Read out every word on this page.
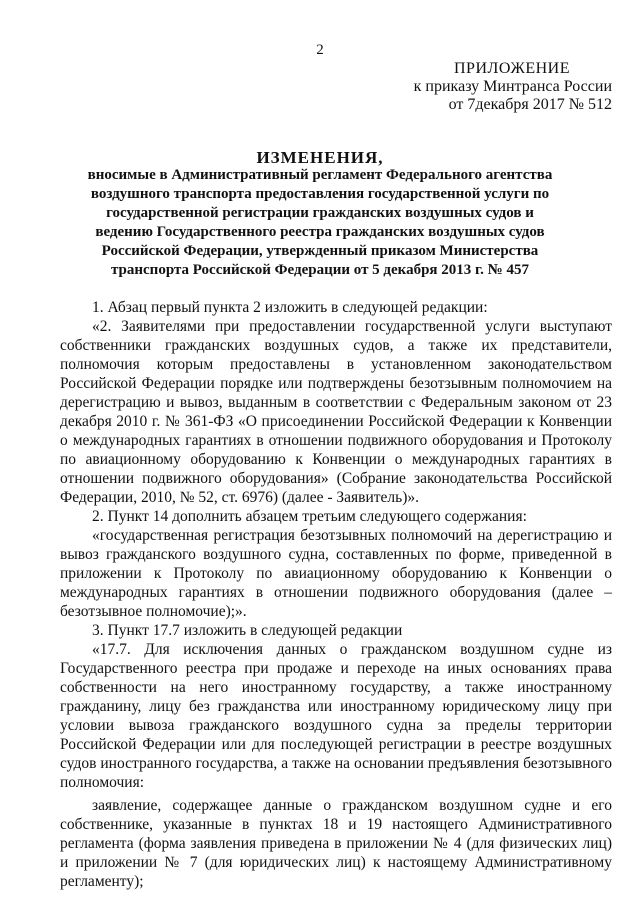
2
ПРИЛОЖЕНИЕ
к приказу Минтранса России
от 7декабря 2017 № 512
ИЗМЕНЕНИЯ,
вносимые в Административный регламент Федерального агентства воздушного транспорта предоставления государственной услуги по государственной регистрации гражданских воздушных судов и ведению Государственного реестра гражданских воздушных судов Российской Федерации, утвержденный приказом Министерства транспорта Российской Федерации от 5 декабря 2013 г. № 457

1. Абзац первый пункта 2 изложить в следующей редакции:

«2. Заявителями при предоставлении государственной услуги выступают собственники гражданских воздушных судов, а также их представители, полномочия которым предоставлены в установленном законодательством Российской Федерации порядке или подтверждены безотзывным полномочием на дерегистрацию и вывоз, выданным в соответствии с Федеральным законом от 23 декабря 2010 г. № 361-ФЗ «О присоединении Российской Федерации к Конвенции о международных гарантиях в отношении подвижного оборудования и Протоколу по авиационному оборудованию к Конвенции о международных гарантиях в отношении подвижного оборудования» (Собрание законодательства Российской Федерации, 2010, № 52, ст. 6976) (далее - Заявитель)».

2. Пункт 14 дополнить абзацем третьим следующего содержания:

«государственная регистрация безотзывных полномочий на дерегистрацию и вывоз гражданского воздушного судна, составленных по форме, приведенной в приложении к Протоколу по авиационному оборудованию к Конвенции о международных гарантиях в отношении подвижного оборудования (далее – безотзывное полномочие);».

3. Пункт 17.7 изложить в следующей редакции

«17.7. Для исключения данных о гражданском воздушном судне из Государственного реестра при продаже и переходе на иных основаниях права собственности на него иностранному государству, а также иностранному гражданину, лицу без гражданства или иностранному юридическому лицу при условии вывоза гражданского воздушного судна за пределы территории Российской Федерации или для последующей регистрации в реестре воздушных судов иностранного государства, а также на основании предъявления безотзывного полномочия:

заявление, содержащее данные о гражданском воздушном судне и его собственнике, указанные в пунктах 18 и 19 настоящего Административного регламента (форма заявления приведена в приложении № 4 (для физических лиц) и приложении № 7 (для юридических лиц) к настоящему Административному регламенту);
